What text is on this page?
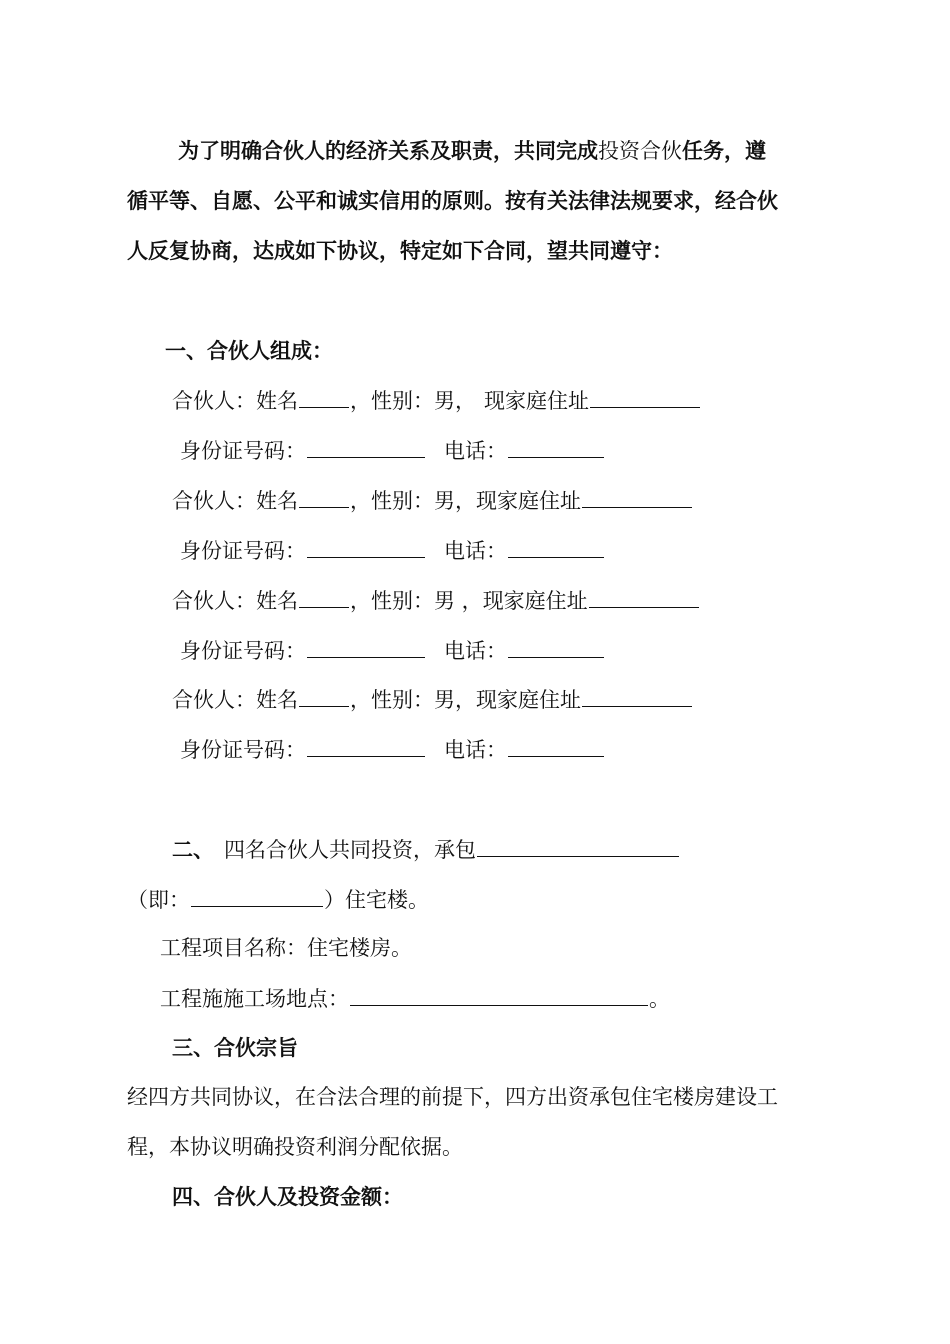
为了明确合伙人的经济关系及职责，共同完成投资合伙任务，遵
循平等、自愿、公平和诚实信用的原则。按有关法律法规要求，经合伙
人反复协商，达成如下协议，特定如下合同，望共同遵守：
一、合伙人组成：
合伙人：姓名 ，性别：男， 现家庭住址
身份证号码：	电话：
合伙人：姓名 ，性别：男，现家庭住址
身份证号码：	电话：
合伙人：姓名 ，性别：男 ，现家庭住址
身份证号码：	电话：
合伙人：姓名 ，性别：男，现家庭住址
身份证号码：	电话：
二、 四名合伙人共同投资，承包
（即：	）住宅楼。
工程项目名称：住宅楼房。
工程施施工场地点：	。
三、合伙宗旨
经四方共同协议，在合法合理的前提下，四方出资承包住宅楼房建设工
程，本协议明确投资利润分配依据。
四、合伙人及投资金额：
